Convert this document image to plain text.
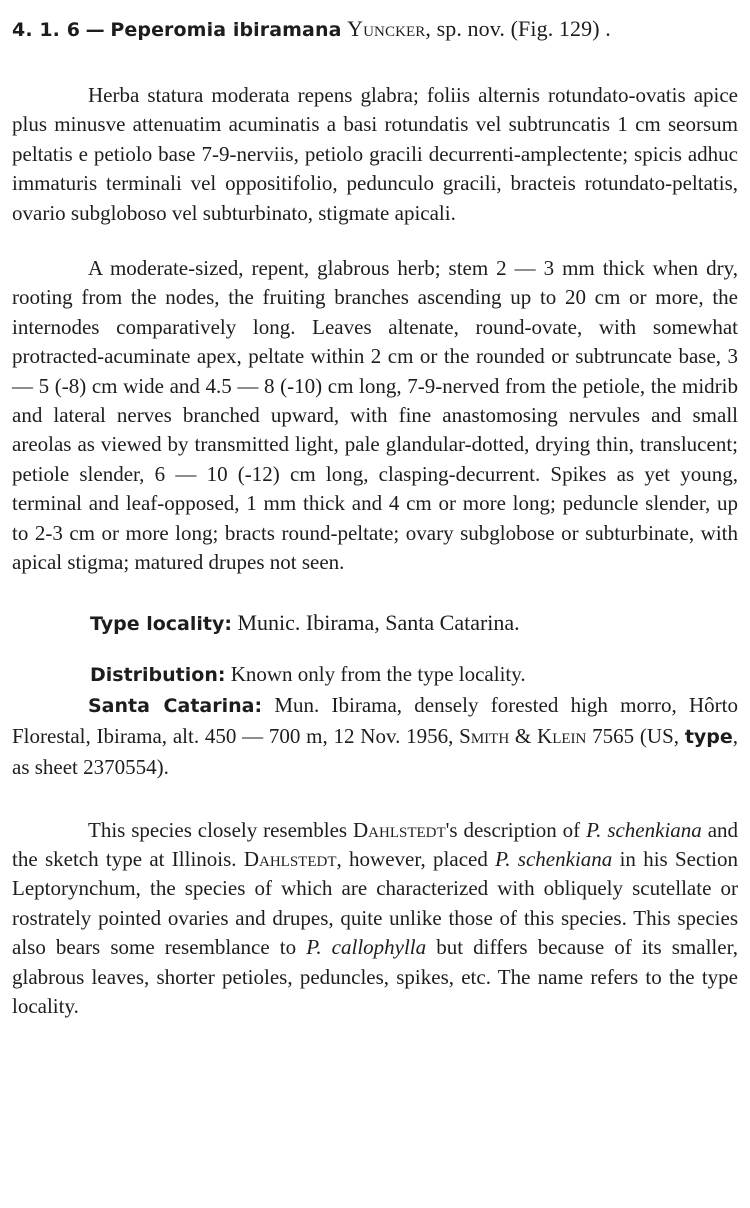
4. 1. 6 — Peperomia ibiramana Yuncker, sp. nov. (Fig. 129) .

Herba statura moderata repens glabra; foliis alternis rotundato-ovatis apice plus minusve attenuatim acuminatis a basi rotundatis vel subtruncatis 1 cm seorsum peltatis e petiolo base 7-9-nerviis, petiolo gracili decurrenti-amplectente; spicis adhuc immaturis terminali vel oppositifolio, pedunculo gracili, bracteis rotundato-peltatis, ovario subgloboso vel subturbinato, stigmate apicali.

A moderate-sized, repent, glabrous herb; stem 2 — 3 mm thick when dry, rooting from the nodes, the fruiting branches ascending up to 20 cm or more, the internodes comparatively long. Leaves altenate, round-ovate, with somewhat protracted-acuminate apex, peltate within 2 cm or the rounded or subtruncate base, 3 — 5 (-8) cm wide and 4.5 — 8 (-10) cm long, 7-9-nerved from the petiole, the midrib and lateral nerves branched upward, with fine anastomosing nervules and small areolas as viewed by transmitted light, pale glandular-dotted, drying thin, translucent; petiole slender, 6 — 10 (-12) cm long, clasping-decurrent. Spikes as yet young, terminal and leaf-opposed, 1 mm thick and 4 cm or more long; peduncle slender, up to 2-3 cm or more long; bracts round-peltate; ovary subglobose or subturbinate, with apical stigma; matured drupes not seen.

Type locality: Munic. Ibirama, Santa Catarina.
Distribution: Known only from the type locality.

Santa Catarina: Mun. Ibirama, densely forested high morro, Hôrto Florestal, Ibirama, alt. 450 — 700 m, 12 Nov. 1956, Smith & Klein 7565 (US, type, as sheet 2370554).

This species closely resembles Dahlstedt's description of P. schenkiana and the sketch type at Illinois. Dahlstedt, however, placed P. schenkiana in his Section Leptorynchum, the species of which are characterized with obliquely scutellate or rostrately pointed ovaries and drupes, quite unlike those of this species. This species also bears some resemblance to P. callophylla but differs because of its smaller, glabrous leaves, shorter petioles, peduncles, spikes, etc. The name refers to the type locality.
